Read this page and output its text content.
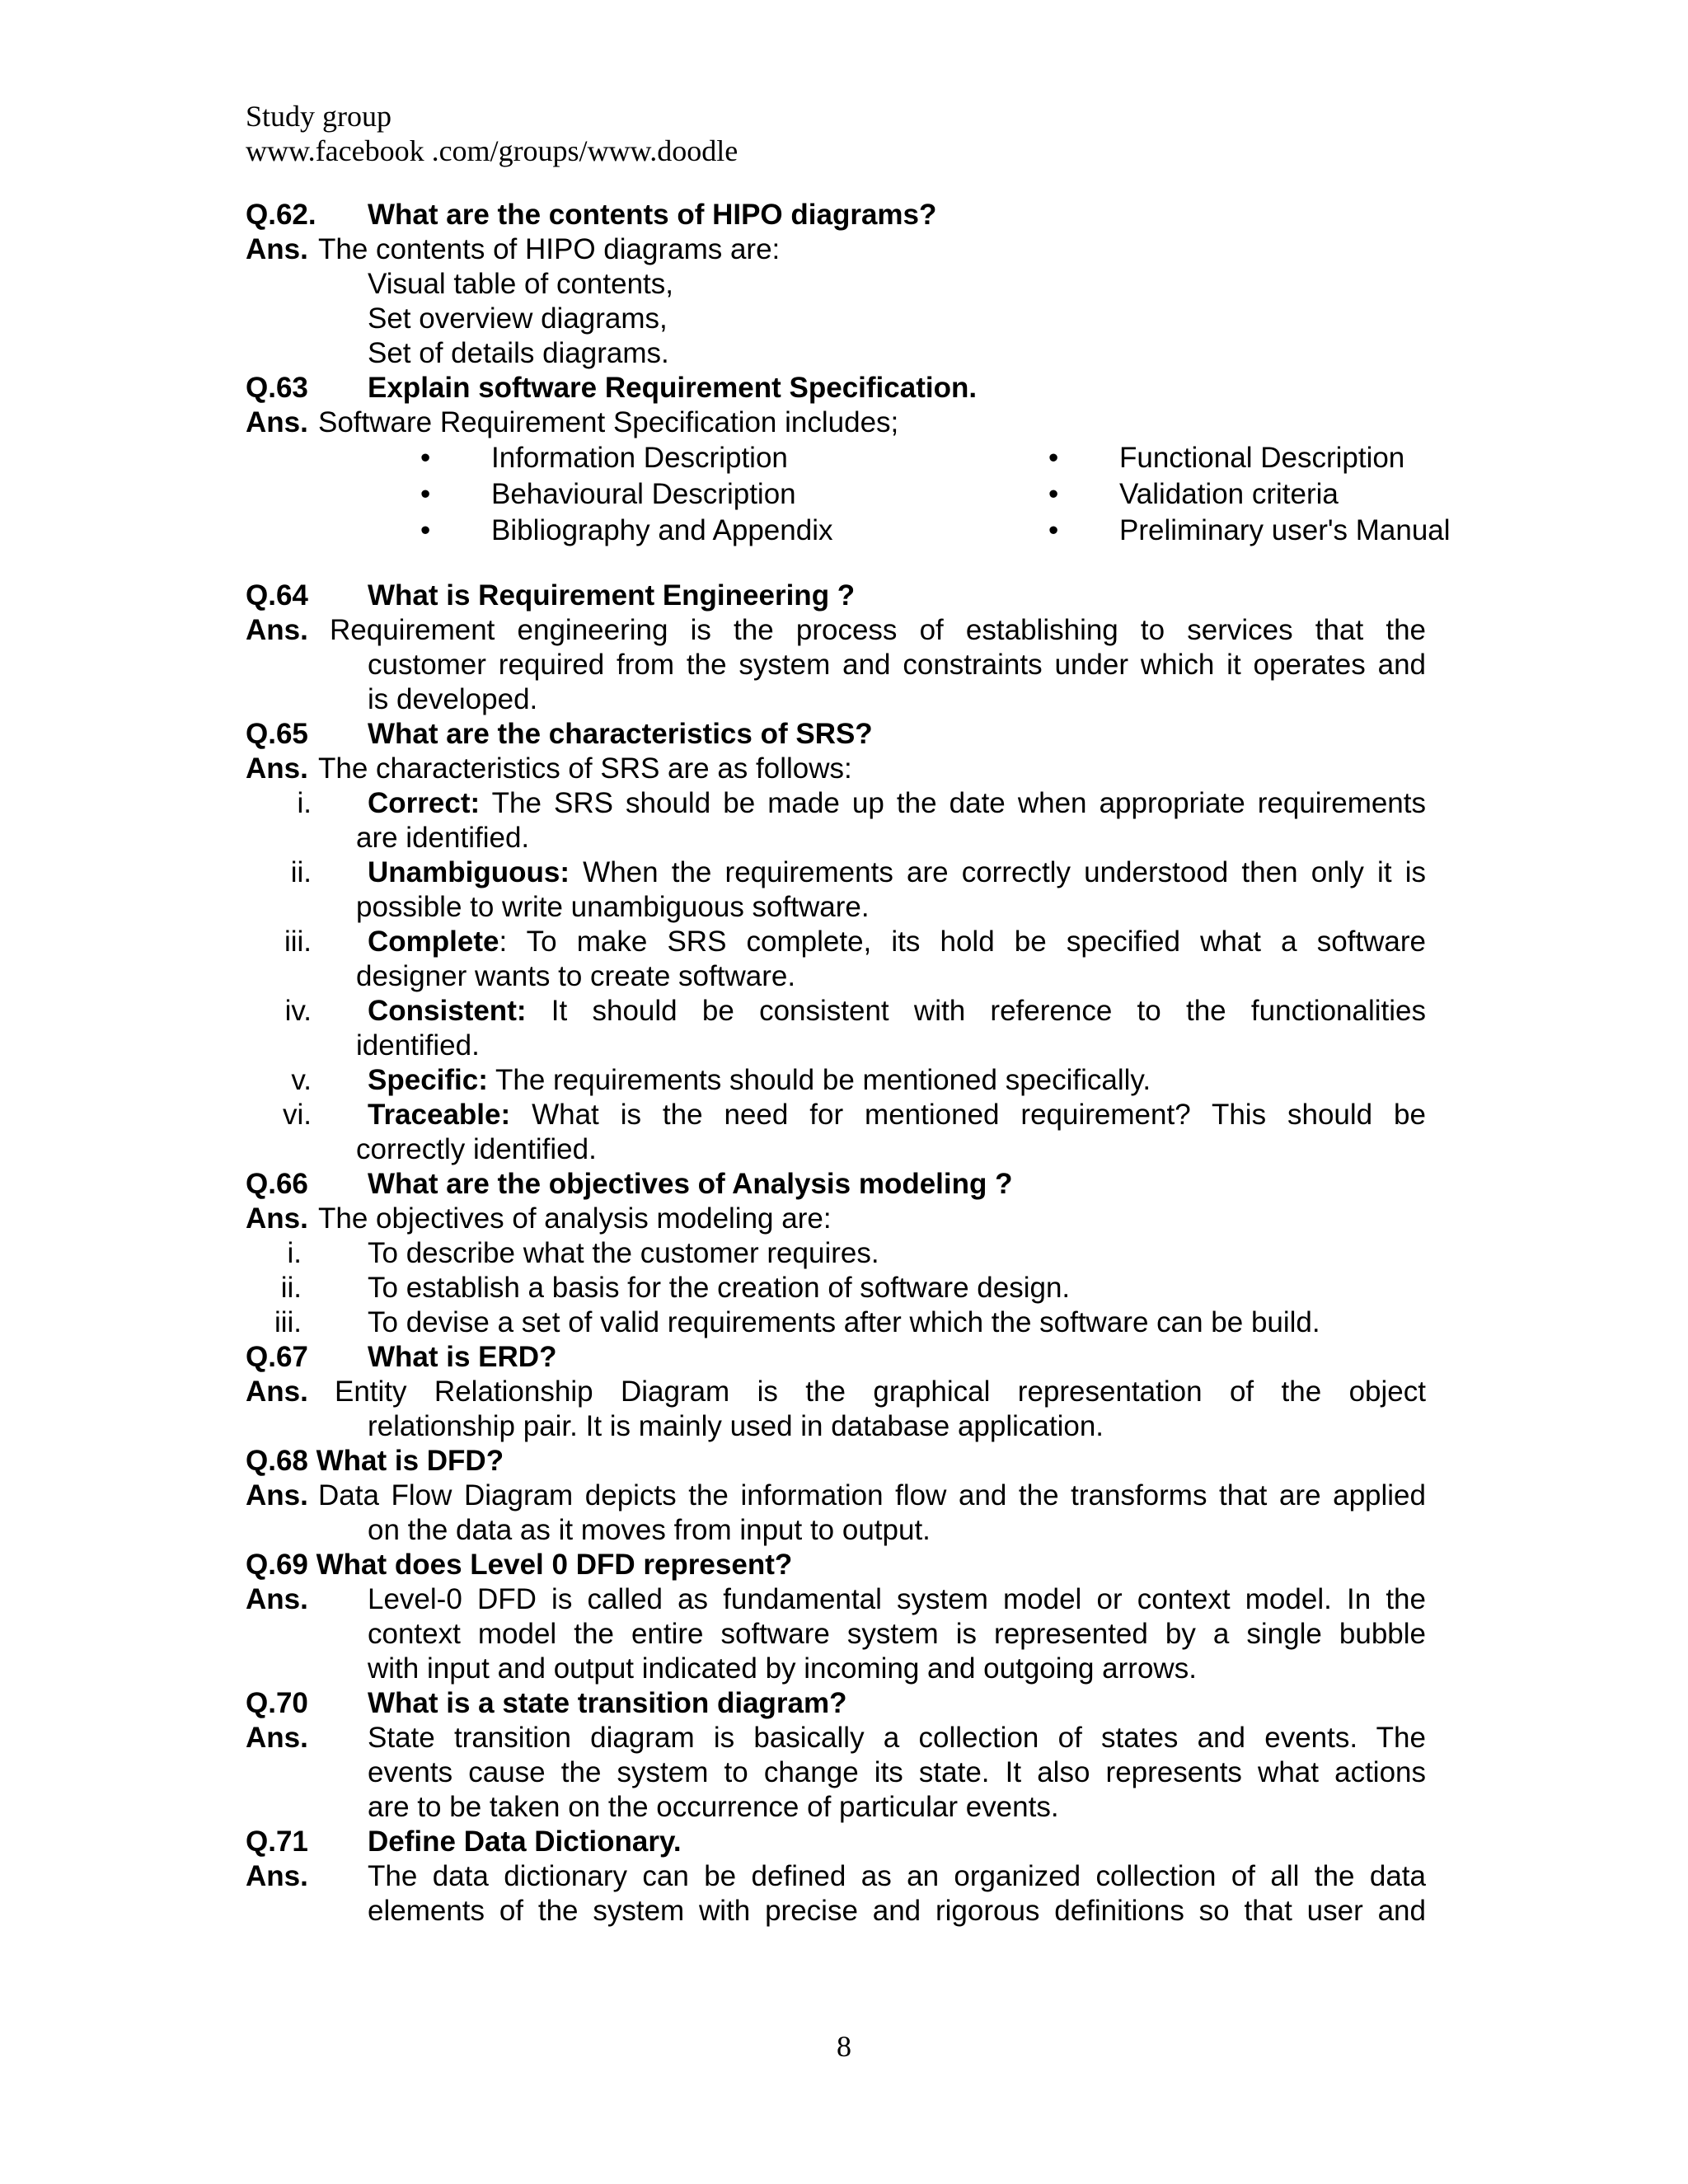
Study group
www.facebook .com/groups/www.doodle
Q.62. What are the contents of HIPO diagrams?
Ans. The contents of HIPO diagrams are:
Visual table of contents,
Set overview diagrams,
Set of details diagrams.
Q.63 Explain software Requirement Specification.
Ans. Software Requirement Specification includes;
• Information Description	• Functional Description
• Behavioural Description	• Validation criteria
• Bibliography and Appendix	• Preliminary user's Manual
Q.64 What is Requirement Engineering ?
Ans. Requirement engineering is the process of establishing to services that the
customer required from the system and constraints under which it operates and
is developed.
Q.65 What are the characteristics of SRS?
Ans. The characteristics of SRS are as follows:
i. Correct: The SRS should be made up the date when appropriate requirements
are identified.
ii. Unambiguous: When the requirements are correctly understood then only it is
possible to write unambiguous software.
iii. Complete: To make SRS complete, its hold be specified what a software
designer wants to create software.
iv. Consistent: It should be consistent with reference to the functionalities
identified.
v. Specific: The requirements should be mentioned specifically.
vi. Traceable: What is the need for mentioned requirement? This should be
correctly identified.
Q.66 What are the objectives of Analysis modeling ?
Ans. The objectives of analysis modeling are:
i. To describe what the customer requires.
ii. To establish a basis for the creation of software design.
iii. To devise a set of valid requirements after which the software can be build.
Q.67 What is ERD?
Ans. Entity Relationship Diagram is the graphical representation of the object
relationship pair. It is mainly used in database application.
Q.68 What is DFD?
Ans. Data Flow Diagram depicts the information flow and the transforms that are applied
on the data as it moves from input to output.
Q.69 What does Level 0 DFD represent?
Ans. Level-0 DFD is called as fundamental system model or context model. In the
context model the entire software system is represented by a single bubble
with input and output indicated by incoming and outgoing arrows.
Q.70 What is a state transition diagram?
Ans. State transition diagram is basically a collection of states and events. The
events cause the system to change its state. It also represents what actions
are to be taken on the occurrence of particular events.
Q.71 Define Data Dictionary.
Ans. The data dictionary can be defined as an organized collection of all the data
elements of the system with precise and rigorous definitions so that user and
8
